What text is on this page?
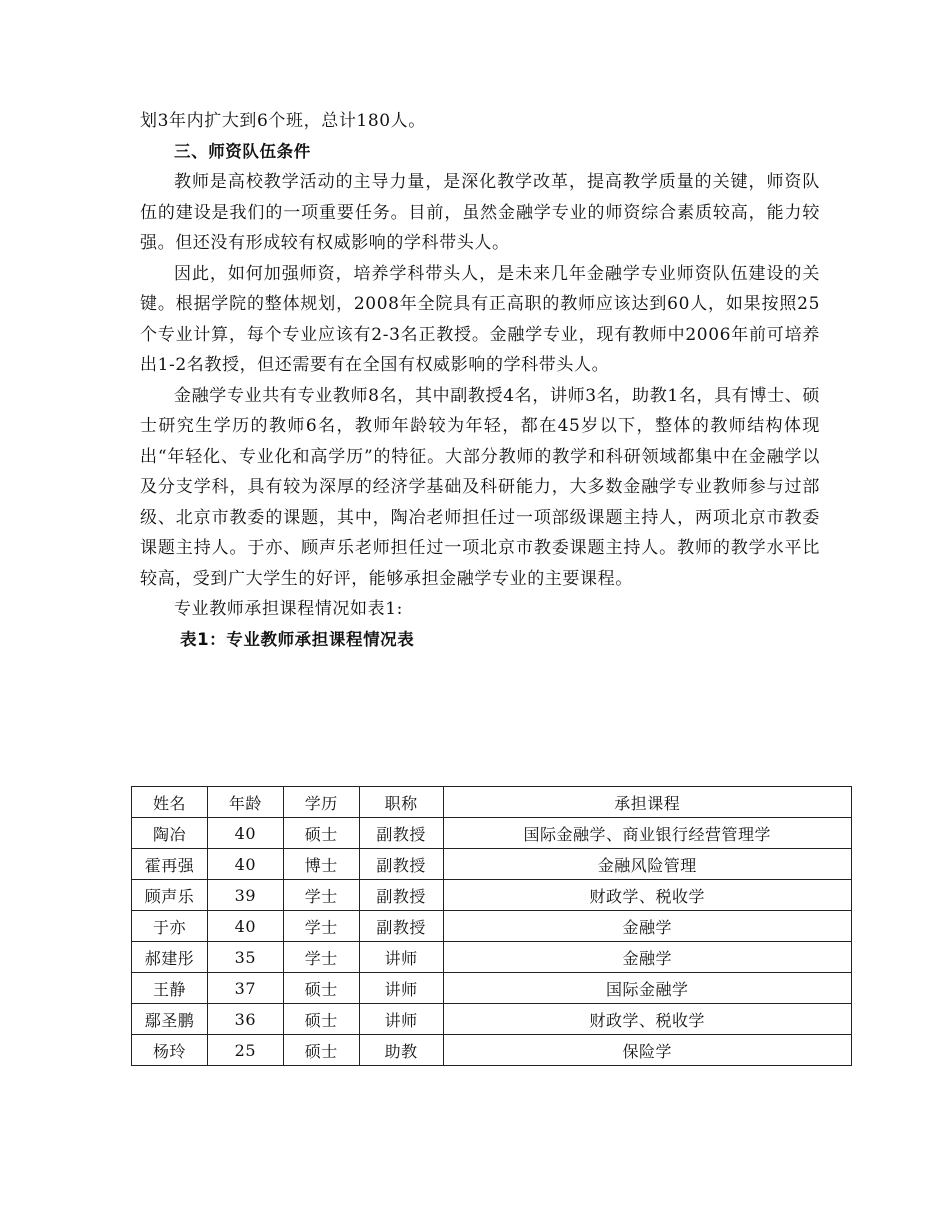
划3年内扩大到6个班，总计180人。

三、师资队伍条件

教师是高校教学活动的主导力量，是深化教学改革，提高教学质量的关键，师资队伍的建设是我们的一项重要任务。目前，虽然金融学专业的师资综合素质较高，能力较强。但还没有形成较有权威影响的学科带头人。

因此，如何加强师资，培养学科带头人，是未来几年金融学专业师资队伍建设的关键。根据学院的整体规划，2008年全院具有正高职的教师应该达到60人，如果按照25个专业计算，每个专业应该有2-3名正教授。金融学专业，现有教师中2006年前可培养出1-2名教授，但还需要有在全国有权威影响的学科带头人。

金融学专业共有专业教师8名，其中副教授4名，讲师3名，助教1名，具有博士、硕士研究生学历的教师6名，教师年龄较为年轻，都在45岁以下，整体的教师结构体现出“年轻化、专业化和高学历”的特征。大部分教师的教学和科研领域都集中在金融学以及分支学科，具有较为深厚的经济学基础及科研能力，大多数金融学专业教师参与过部级、北京市教委的课题，其中，陶冶老师担任过一项部级课题主持人，两项北京市教委课题主持人。于亦、顾声乐老师担任过一项北京市教委课题主持人。教师的教学水平比较高，受到广大学生的好评，能够承担金融学专业的主要课程。

专业教师承担课程情况如表1:

表1：专业教师承担课程情况表

姓名	年龄	学历	职称	承担课程
陶冶	40	硕士	副教授	国际金融学、商业银行经营管理学
霍再强	40	博士	副教授	金融风险管理
顾声乐	39	学士	副教授	财政学、税收学
于亦	40	学士	副教授	金融学
郝建彤	35	学士	讲师	金融学
王静	37	硕士	讲师	国际金融学
鄢圣鹏	36	硕士	讲师	财政学、税收学
杨玲	25	硕士	助教	保险学
